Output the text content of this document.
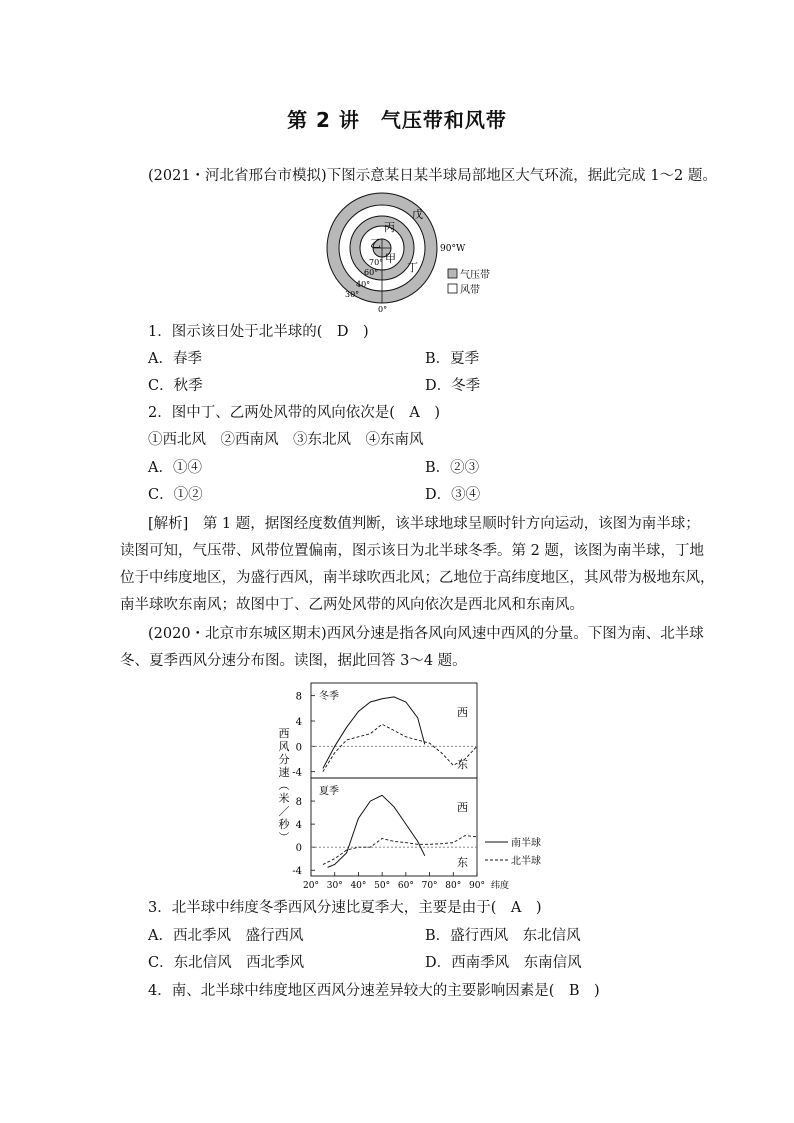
第 2 讲　气压带和风带
(2021・河北省邢台市模拟)下图示意某日某半球局部地区大气环流，据此完成 1～2 题。
戊
丙
乙
甲
丁
90°W
70°
60°
40°
30°
0°
气压带
风带
1．图示该日处于北半球的(　D　)
A．春季	B．夏季
C．秋季	D．冬季
2．图中丁、乙两处风带的风向依次是(　A　)
①西北风　②西南风　③东北风　④东南风
A．①④	B．②③
C．①②	D．③④
[解析]　第 1 题，据图经度数值判断，该半球地球呈顺时针方向运动，该图为南半球；
读图可知，气压带、风带位置偏南，图示该日为北半球冬季。第 2 题，该图为南半球，丁地
位于中纬度地区，为盛行西风，南半球吹西北风；乙地位于高纬度地区，其风带为极地东风，
南半球吹东南风；故图中丁、乙两处风带的风向依次是西北风和东南风。
(2020・北京市东城区期末)西风分速是指各风向风速中西风的分量。下图为南、北半球
冬、夏季西风分速分布图。读图，据此回答 3～4 题。
西
风
分
速
︵
米
／
秒
︶
8
4
0
-4
冬季
西
东
8
4
0
-4
夏季
西
东
20° 30° 40° 50° 60° 70° 80° 90° 纬度
南半球
北半球
3．北半球中纬度冬季西风分速比夏季大，主要是由于(　A　)
A．西北季风　盛行西风	B．盛行西风　东北信风
C．东北信风　西北季风	D．西南季风　东南信风
4．南、北半球中纬度地区西风分速差异较大的主要影响因素是(　B　)
